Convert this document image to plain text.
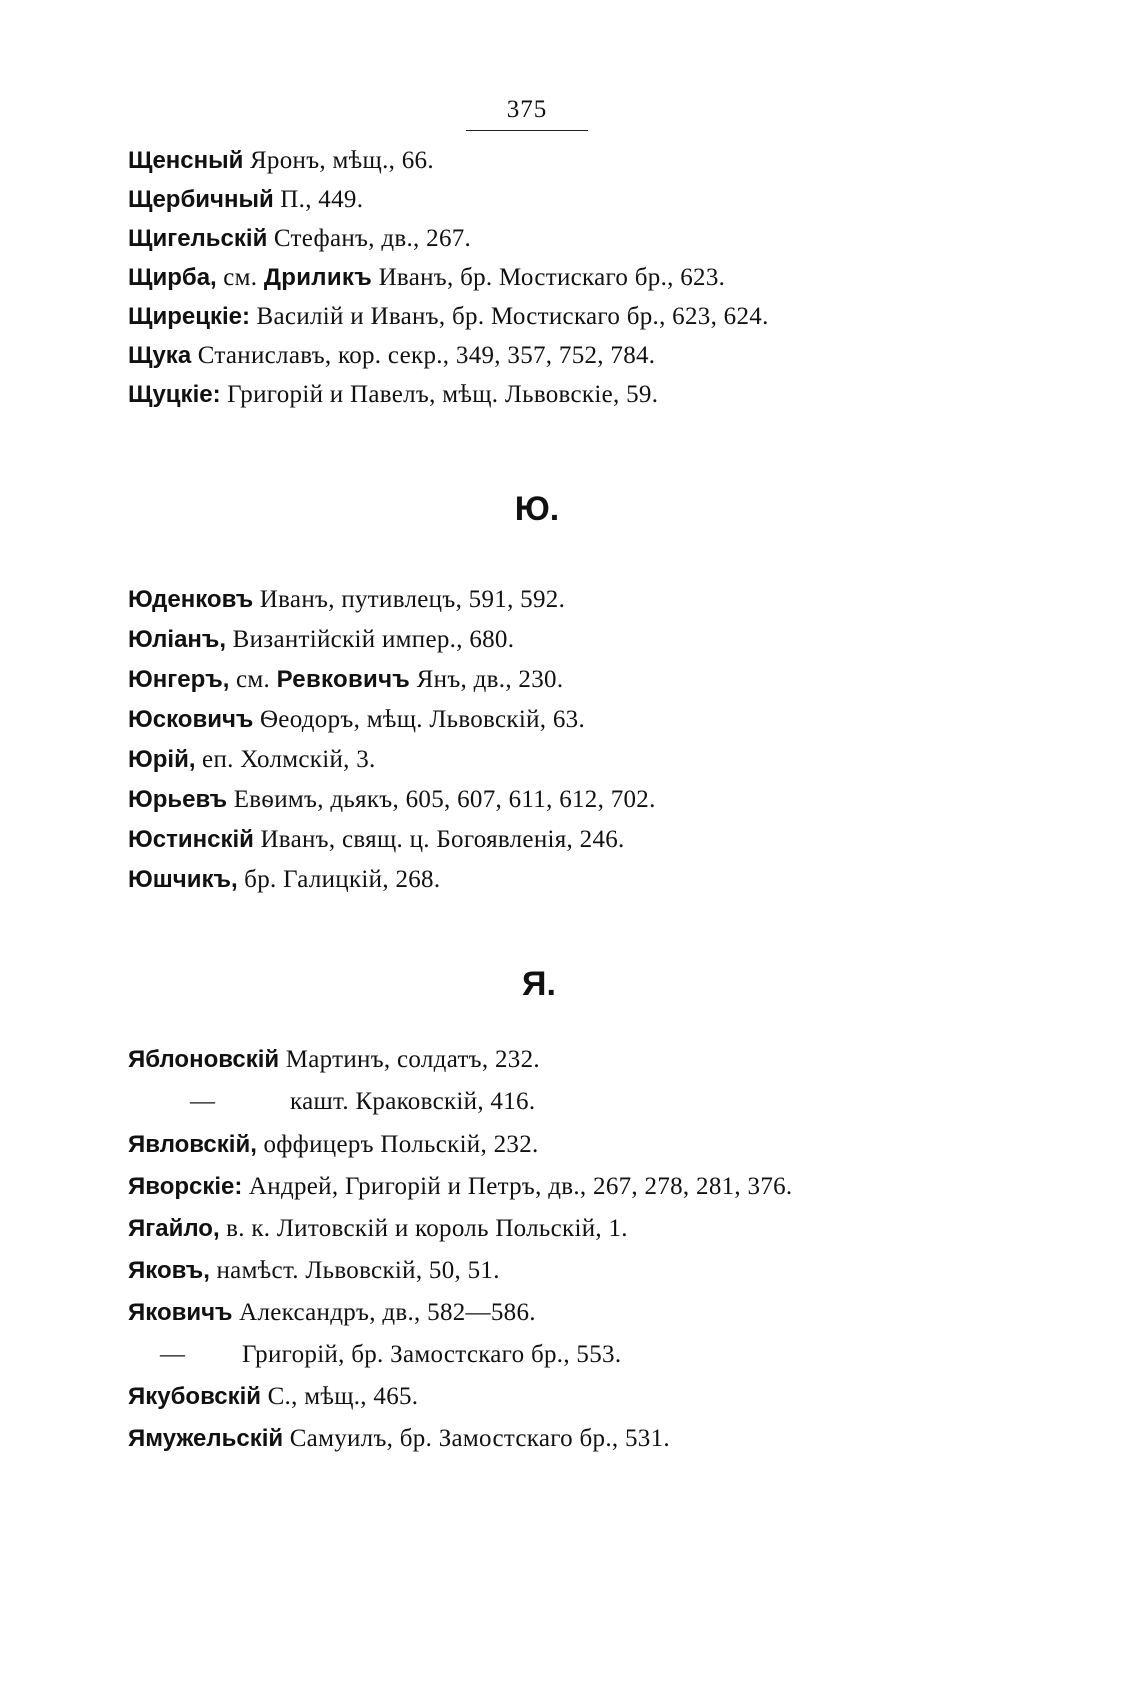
375
Щенсный Яронъ, мѣщ., 66.
Щербичный П., 449.
Щигельскій Стефанъ, дв., 267.
Щирба, см. Дриликъ Иванъ, бр. Мостискаго бр., 623.
Щирецкіе: Василій и Иванъ, бр. Мостискаго бр., 623, 624.
Щука Станиславъ, кор. секр., 349, 357, 752, 784.
Щуцкіе: Григорій и Павелъ, мѣщ. Львовскіе, 59.
Ю.
Юденковъ Иванъ, путивлецъ, 591, 592.
Юліанъ, Византійскій импер., 680.
Юнгеръ, см. Ревковичъ Янъ, дв., 230.
Юсковичъ Ѳеодоръ, мѣщ. Львовскій, 63.
Юрій, еп. Холмскій, 3.
Юрьевъ Евѳимъ, дьякъ, 605, 607, 611, 612, 702.
Юстинскій Иванъ, свящ. ц. Богоявленія, 246.
Юшчикъ, бр. Галицкій, 268.
Я.
Яблоновскій Мартинъ, солдатъ, 232.
—	кашт. Краковскій, 416.
Явловскій, оффицеръ Польскій, 232.
Яворскіе: Андрей, Григорій и Петръ, дв., 267, 278, 281, 376.
Ягайло, в. к. Литовскій и король Польскій, 1.
Яковъ, намѣст. Львовскій, 50, 51.
Яковичъ Александръ, дв., 582—586.
— Григорій, бр. Замостскаго бр., 553.
Якубовскій С., мѣщ., 465.
Ямужельскій Самуилъ, бр. Замостскаго бр., 531.
